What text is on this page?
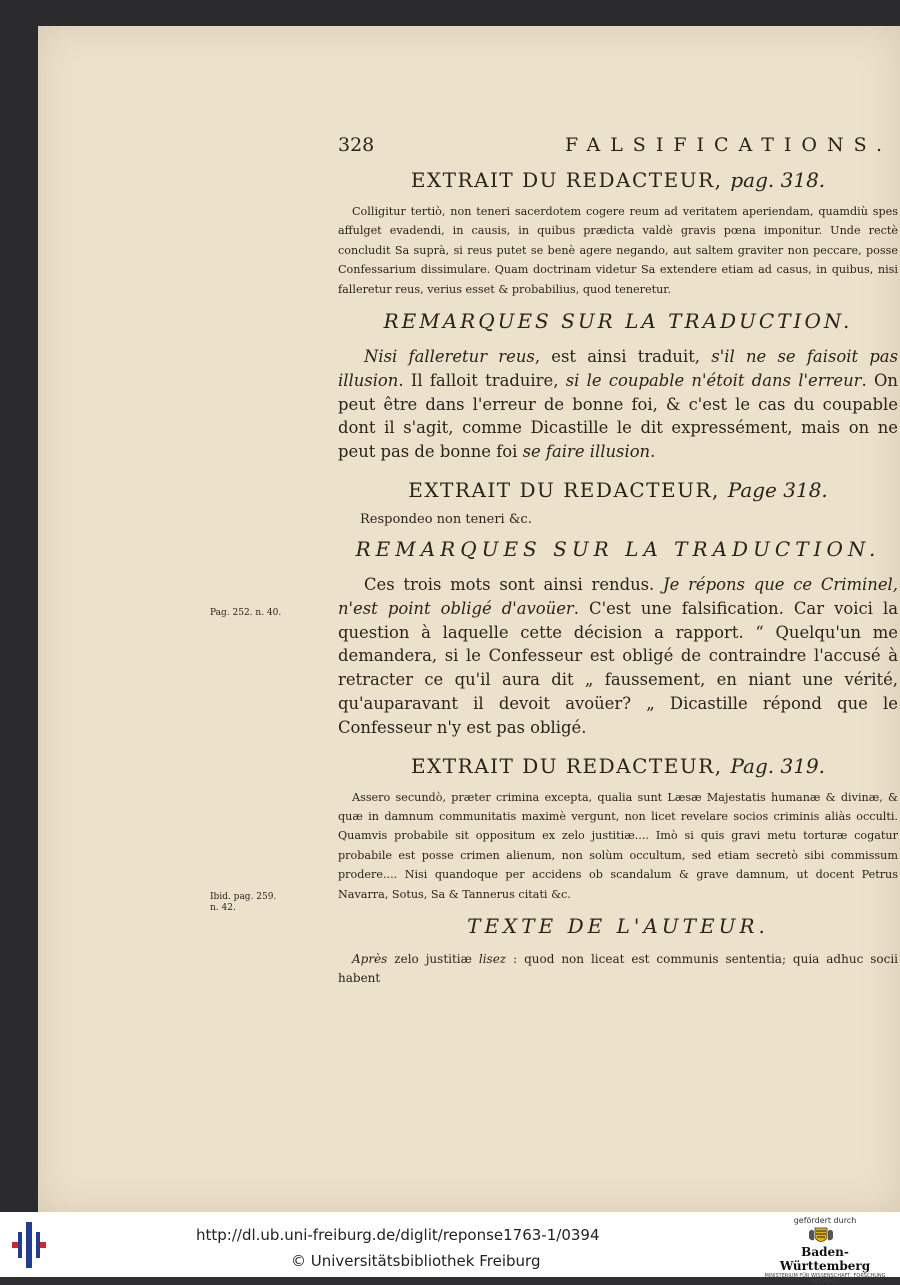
328	FALSIFICATIONS.
EXTRAIT DU REDACTEUR, pag. 318.

Colligitur tertiò, non teneri sacerdotem cogere reum ad veritatem aperiendam, quamdiù spes affulget evadendi, in causis, in quibus prædicta valdè gravis pœna imponitur. Unde rectè concludit Sa suprà, si reus putet se benè agere negando, aut saltem graviter non peccare, posse Confessarium dissimulare. Quam doctrinam videtur Sa extendere etiam ad casus, in quibus, nisi falleretur reus, verius esset & probabilius, quod teneretur.

REMARQUES SUR LA TRADUCTION.

Nisi falleretur reus, est ainsi traduit, s'il ne se faisoit pas illusion. Il falloit traduire, si le coupable n'étoit dans l'erreur. On peut être dans l'erreur de bonne foi, & c'est le cas du coupable dont il s'agit, comme Dicastille le dit expressément, mais on ne peut pas de bonne foi se faire illusion.

EXTRAIT DU REDACTEUR, Page 318.

Respondeo non teneri &c.

REMARQUES SUR LA TRADUCTION.

Ces trois mots sont ainsi rendus. Je répons que ce Criminel, n'est point obligé d'avoüer. C'est une falsification. Car voici la question à laquelle cette décision a rapport. “ Quelqu'un me demandera, si le Confesseur est obligé de contraindre l'accusé à retracter ce qu'il aura dit „ faussement, en niant une vérité, qu'auparavant il devoit avoüer? „ Dicastille répond que le Confesseur n'y est pas obligé.

EXTRAIT DU REDACTEUR, Pag. 319.

Assero secundò, præter crimina excepta, qualia sunt Læsæ Majestatis humanæ & divinæ, & quæ in damnum communitatis maximè vergunt, non licet revelare socios criminis aliàs occulti. Quamvis probabile sit oppositum ex zelo justitiæ.... Imò si quis gravi metu torturæ cogatur probabile est posse crimen alienum, non solùm occultum, sed etiam secretò sibi commissum prodere.... Nisi quandoque per accidens ob scandalum & grave damnum, ut docent Petrus Navarra, Sotus, Sa & Tannerus citati &c.

TEXTE DE L'AUTEUR.

Après zelo justitiæ lisez : quod non liceat est communis sententia; quia adhuc socii habent

Pag. 252. n. 40.
Ibid. pag. 259.
n. 42.
http://dl.ub.uni-freiburg.de/diglit/reponse1763-1/0394
© Universitätsbibliothek Freiburg
gefördert durch
Baden-Württemberg
MINISTERIUM FÜR WISSENSCHAFT, FORSCHUNG UND KUNST
